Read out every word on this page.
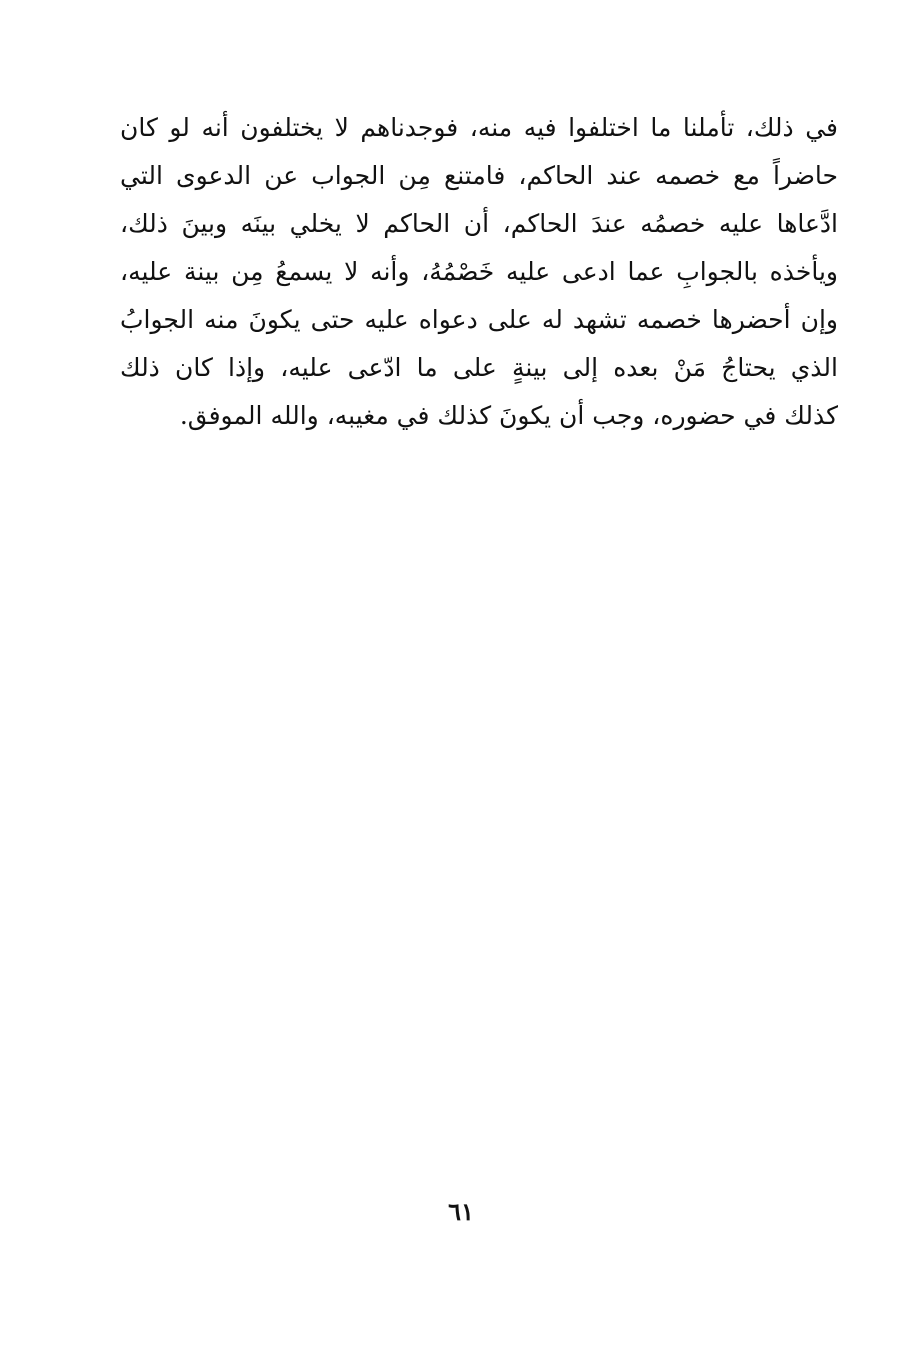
في ذلك، تأملنا ما اختلفوا فيه منه، فوجدناهم لا يختلفون أنه لو كان
حاضراً مع خصمه عند الحاكم، فامتنع مِن الجواب عن الدعوى التي
ادَّعاها عليه خصمُه عندَ الحاكم، أن الحاكم لا يخلي بينَه وبينَ ذلك،
ويأخذه بالجوابِ عما ادعى عليه خَصْمُهُ، وأنه لا يسمعُ مِن بينة عليه،
وإن أحضرها خصمه تشهد له على دعواه عليه حتى يكونَ منه الجوابُ
الذي يحتاجُ مَنْ بعده إلى بينةٍ على ما ادّعى عليه، وإذا كان ذلك
كذلك في حضوره، وجب أن يكونَ كذلك في مغيبه، والله الموفق.
٦١
